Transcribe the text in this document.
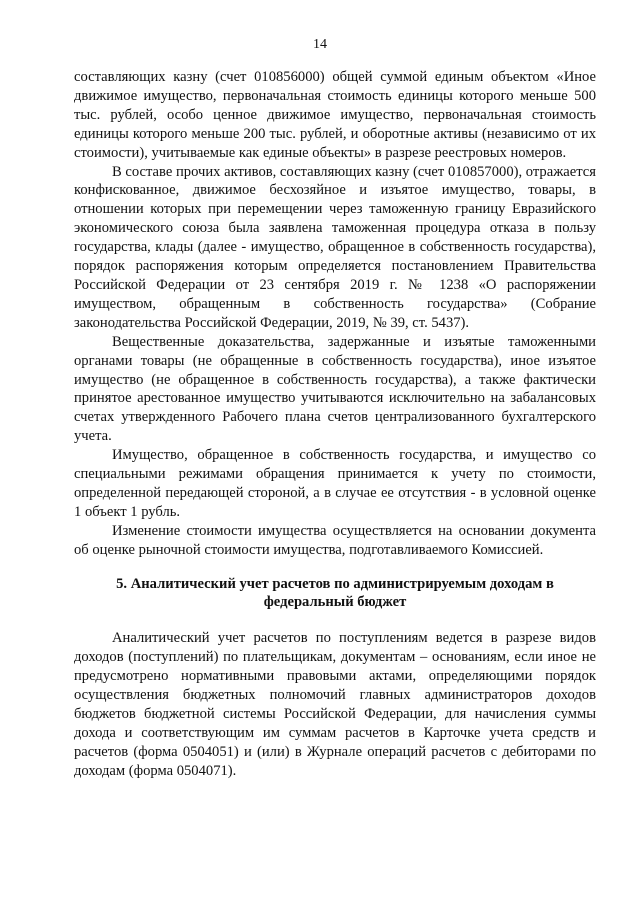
14

составляющих казну (счет 010856000) общей суммой единым объектом «Иное движимое имущество, первоначальная стоимость единицы которого меньше 500 тыс. рублей, особо ценное движимое имущество, первоначальная стоимость единицы которого меньше 200 тыс. рублей, и оборотные активы (независимо от их стоимости), учитываемые как единые объекты» в разрезе реестровых номеров.

В составе прочих активов, составляющих казну (счет 010857000), отражается конфискованное, движимое бесхозяйное и изъятое имущество, товары, в отношении которых при перемещении через таможенную границу Евразийского экономического союза была заявлена таможенная процедура отказа в пользу государства, клады (далее - имущество, обращенное в собственность государства), порядок распоряжения которым определяется постановлением Правительства Российской Федерации от 23 сентября 2019 г. № 1238 «О распоряжении имуществом, обращенным в собственность государства» (Собрание законодательства Российской Федерации, 2019, № 39, ст. 5437).

Вещественные доказательства, задержанные и изъятые таможенными органами товары (не обращенные в собственность государства), иное изъятое имущество (не обращенное в собственность государства), а также фактически принятое арестованное имущество учитываются исключительно на забалансовых счетах утвержденного Рабочего плана счетов централизованного бухгалтерского учета.

Имущество, обращенное в собственность государства, и имущество со специальными режимами обращения принимается к учету по стоимости, определенной передающей стороной, а в случае ее отсутствия - в условной оценке 1 объект 1 рубль.

Изменение стоимости имущества осуществляется на основании документа об оценке рыночной стоимости имущества, подготавливаемого Комиссией.

5. Аналитический учет расчетов по администрируемым доходам в федеральный бюджет

Аналитический учет расчетов по поступлениям ведется в разрезе видов доходов (поступлений) по плательщикам, документам – основаниям, если иное не предусмотрено нормативными правовыми актами, определяющими порядок осуществления бюджетных полномочий главных администраторов доходов бюджетов бюджетной системы Российской Федерации, для начисления суммы дохода и соответствующим им суммам расчетов в Карточке учета средств и расчетов (форма 0504051) и (или) в Журнале операций расчетов с дебиторами по доходам (форма 0504071).
